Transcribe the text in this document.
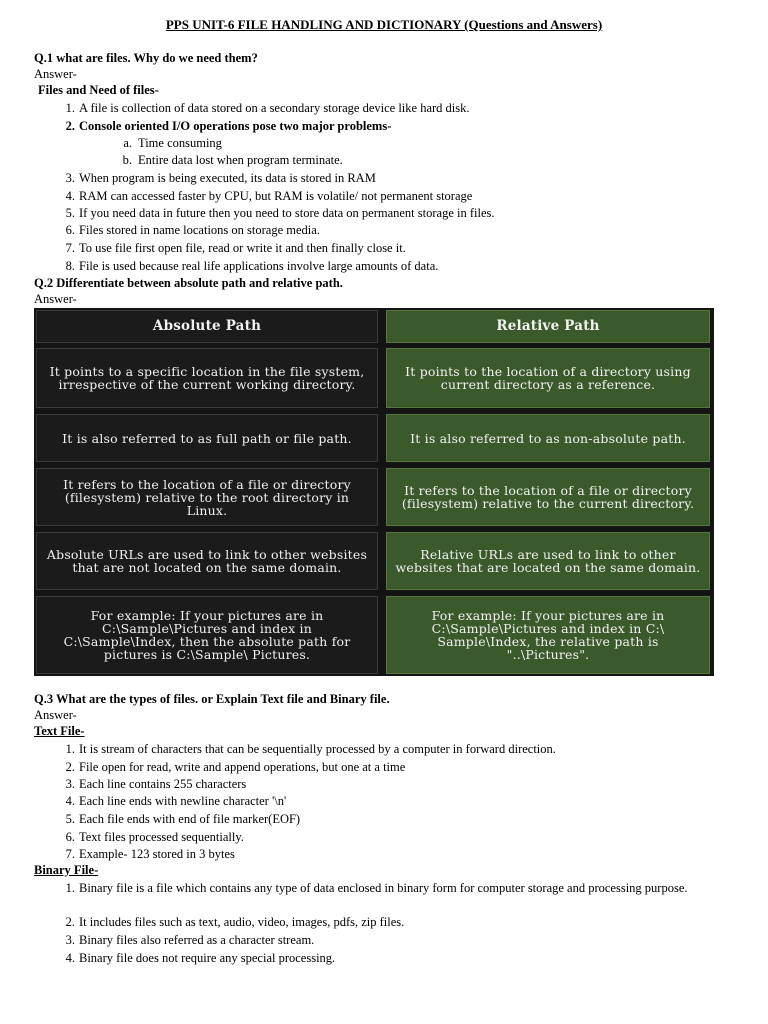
PPS UNIT-6 FILE HANDLING AND DICTIONARY (Questions and Answers)
Q.1 what are files. Why do we need them?
Answer-
Files and Need of files-
1. A file is collection of data stored on a secondary storage device like hard disk.
2. Console oriented I/O operations pose two major problems-
a. Time consuming
b. Entire data lost when program terminate.
3. When program is being executed, its data is stored in RAM
4. RAM can accessed faster by CPU, but RAM is volatile/ not permanent storage
5. If you need data in future then you need to store data on permanent storage in files.
6. Files stored in name locations on storage media.
7. To use file first open file, read or write it and then finally close it.
8. File is used because real life applications involve large amounts of data.
Q.2 Differentiate between absolute path and relative path.
Answer-
Absolute Path	Relative Path
It points to a specific location in the file system, irrespective of the current working directory.
It points to the location of a directory using current directory as a reference.
It is also referred to as full path or file path.	It is also referred to as non-absolute path.
It refers to the location of a file or directory (filesystem) relative to the root directory in Linux.
It refers to the location of a file or directory (filesystem) relative to the current directory.
Absolute URLs are used to link to other websites that are not located on the same domain.
Relative URLs are used to link to other websites that are located on the same domain.
For example: If your pictures are in C:\Sample\Pictures and index in C:\Sample\Index, then the absolute path for pictures is C:\Sample\ Pictures.
For example: If your pictures are in C:\Sample\Pictures and index in C:\ Sample\Index, the relative path is "..\Pictures".
Q.3 What are the types of files. or Explain Text file and Binary file.
Answer-
Text File-
1. It is stream of characters that can be sequentially processed by a computer in forward direction.
2. File open for read, write and append operations, but one at a time
3. Each line contains 255 characters
4. Each line ends with newline character '\n'
5. Each file ends with end of file marker(EOF)
6. Text files processed sequentially.
7. Example- 123 stored in 3 bytes
Binary File-
1. Binary file is a file which contains any type of data enclosed in binary form for computer storage and processing purpose.
2. It includes files such as text, audio, video, images, pdfs, zip files.
3. Binary files also referred as a character stream.
4. Binary file does not require any special processing.
